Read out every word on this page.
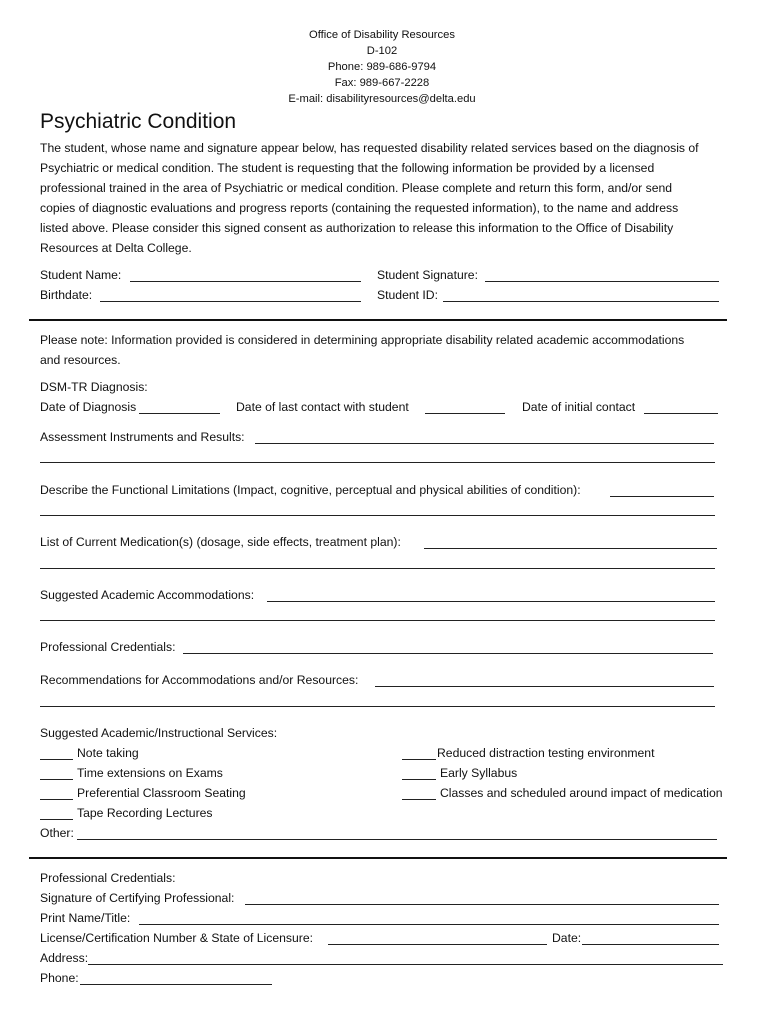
Office of Disability Resources
D-102
Phone: 989-686-9794
Fax: 989-667-2228
E-mail: disabilityresources@delta.edu
Psychiatric Condition
The student, whose name and signature appear below, has requested disability related services based on the diagnosis of
Psychiatric or medical condition. The student is requesting that the following information be provided by a licensed
professional trained in the area of Psychiatric or medical condition. Please complete and return this form, and/or send
copies of diagnostic evaluations and progress reports (containing the requested information), to the name and address
listed above. Please consider this signed consent as authorization to release this information to the Office of Disability
Resources at Delta College.
Student Name:	Student Signature:
Birthdate:	Student ID:
Please note: Information provided is considered in determining appropriate disability related academic accommodations
and resources.
DSM-TR Diagnosis:
Date of Diagnosis	Date of last contact with student	Date of initial contact
Assessment Instruments and Results:
Describe the Functional Limitations (Impact, cognitive, perceptual and physical abilities of condition):
List of Current Medication(s) (dosage, side effects, treatment plan):
Suggested Academic Accommodations:
Professional Credentials:
Recommendations for Accommodations and/or Resources:
Suggested Academic/Instructional Services:
Note taking
Time extensions on Exams
Preferential Classroom Seating
Tape Recording Lectures
Reduced distraction testing environment
Early Syllabus
Classes and scheduled around impact of medication
Other:
Professional Credentials:
Signature of Certifying Professional:
Print Name/Title:
License/Certification Number & State of Licensure:	Date:
Address:
Phone:
